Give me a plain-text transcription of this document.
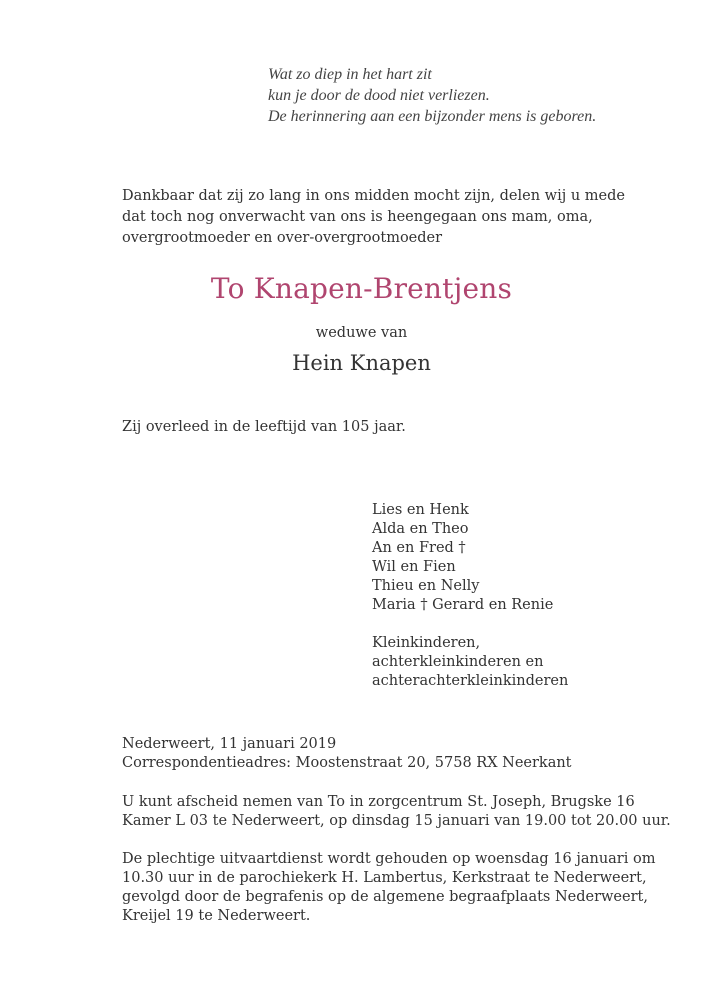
Wat zo diep in het hart zit
kun je door de dood niet verliezen.
De herinnering aan een bijzonder mens is geboren.
Dankbaar dat zij zo lang in ons midden mocht zijn, delen wij u mede
dat toch nog onverwacht van ons is heengegaan ons mam, oma,
overgrootmoeder en over-overgrootmoeder
To Knapen-Brentjens
weduwe van
Hein Knapen
Zij overleed in de leeftijd van 105 jaar.
Lies en Henk
Alda en Theo
An en Fred †
Wil en Fien
Thieu en Nelly
Maria † Gerard en Renie
Kleinkinderen,
achterkleinkinderen en
achterachterkleinkinderen
Nederweert, 11 januari 2019
Correspondentieadres: Moostenstraat 20, 5758 RX Neerkant
U kunt afscheid nemen van To in zorgcentrum St. Joseph, Brugske 16
Kamer L 03 te Nederweert, op dinsdag 15 januari van 19.00 tot 20.00 uur.
De plechtige uitvaartdienst wordt gehouden op woensdag 16 januari om
10.30 uur in de parochiekerk H. Lambertus, Kerkstraat te Nederweert,
gevolgd door de begrafenis op de algemene begraafplaats Nederweert,
Kreijel 19 te Nederweert.
